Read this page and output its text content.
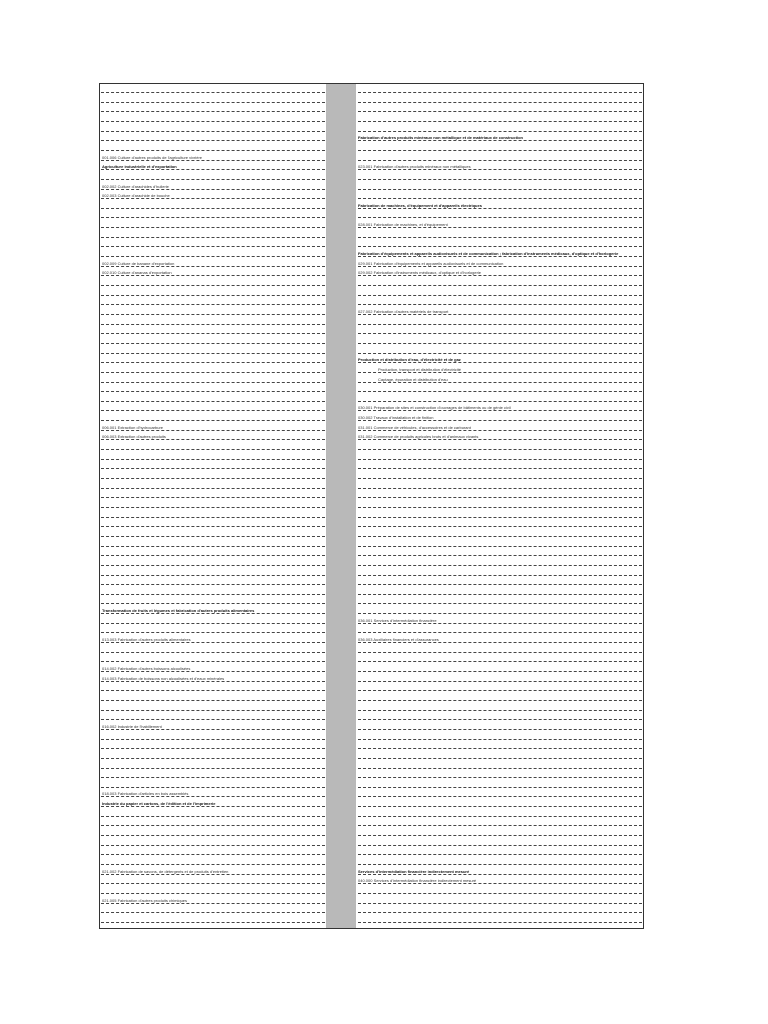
001.006 Culture d'autres produits de l'agriculture vivrière
Agriculture industrielle et d'exportation
002.002 Culture d'arachides d'huilerie
002.003 Culture d'arachide de bouche
002.009 Culture de banane d'exportation
002.010 Culture d'ananas d'exportation
006.001 Extraction d'hydrocarbure
006.003 Extraction d'autres produits
Transformation de fruits et légumes et fabrication d'autres produits alimentaires
013.003 Fabrication d'autres produits alimentaires
014.002 Fabrication d'autres boissons alcoolisées
014.003 Fabrication de boissons non alcoolisées et d'eaux minérales
016.002 Industrie de l'habillement
018.003 Fabrication d'articles en bois assemblés
Industrie du papier et cartons, de l'édition et de l'imprimerie
021.002 Fabrication de savons, de détergents et de produits d'entretien
021.005 Fabrication d'autres produits chimiques
Fabrication d'autres produits minéraux non métallique et de matériaux de construction
023.001 Fabrication d'autres produits minéraux non métalliques
Fabrication de machines, d'équipement et d'appareils électriques
028.001 Fabrication de machines, et d'équipement
Fabrication d'équipements et appareils audiovisuels et de communication ; fabrication d'instruments médicaux, d'optique et d'horlogerie
029.001 Fabrication d'équipements et appareils audiovisuels et de communication
029.002 Fabrication d'instruments médicaux, d'optique et d'horlogerie
027.002 Fabrication d'autres matériels de transport
Production et distribution d'eau, d'électricité et de gaz
Production, transport et distribution d'électricité
Captage, épuration et distribution d'eau
030.001 Préparation de sites et construction d'ouvrages de bâtiments ou de génie civil
030.002 Travaux d'installation et de finition
031.001 Commerce de véhicules, d'accessoires et de carburant
031.002 Commerce de produits agricoles bruts et d'animaux vivants
036.001 Services d'intermédiation financière
036.003 Auxiliaires financiers et d'assurances
Services d'intermédiation financière indirectement mesuré
040.000 Services d'intermédiation financière indirectement mesuré
